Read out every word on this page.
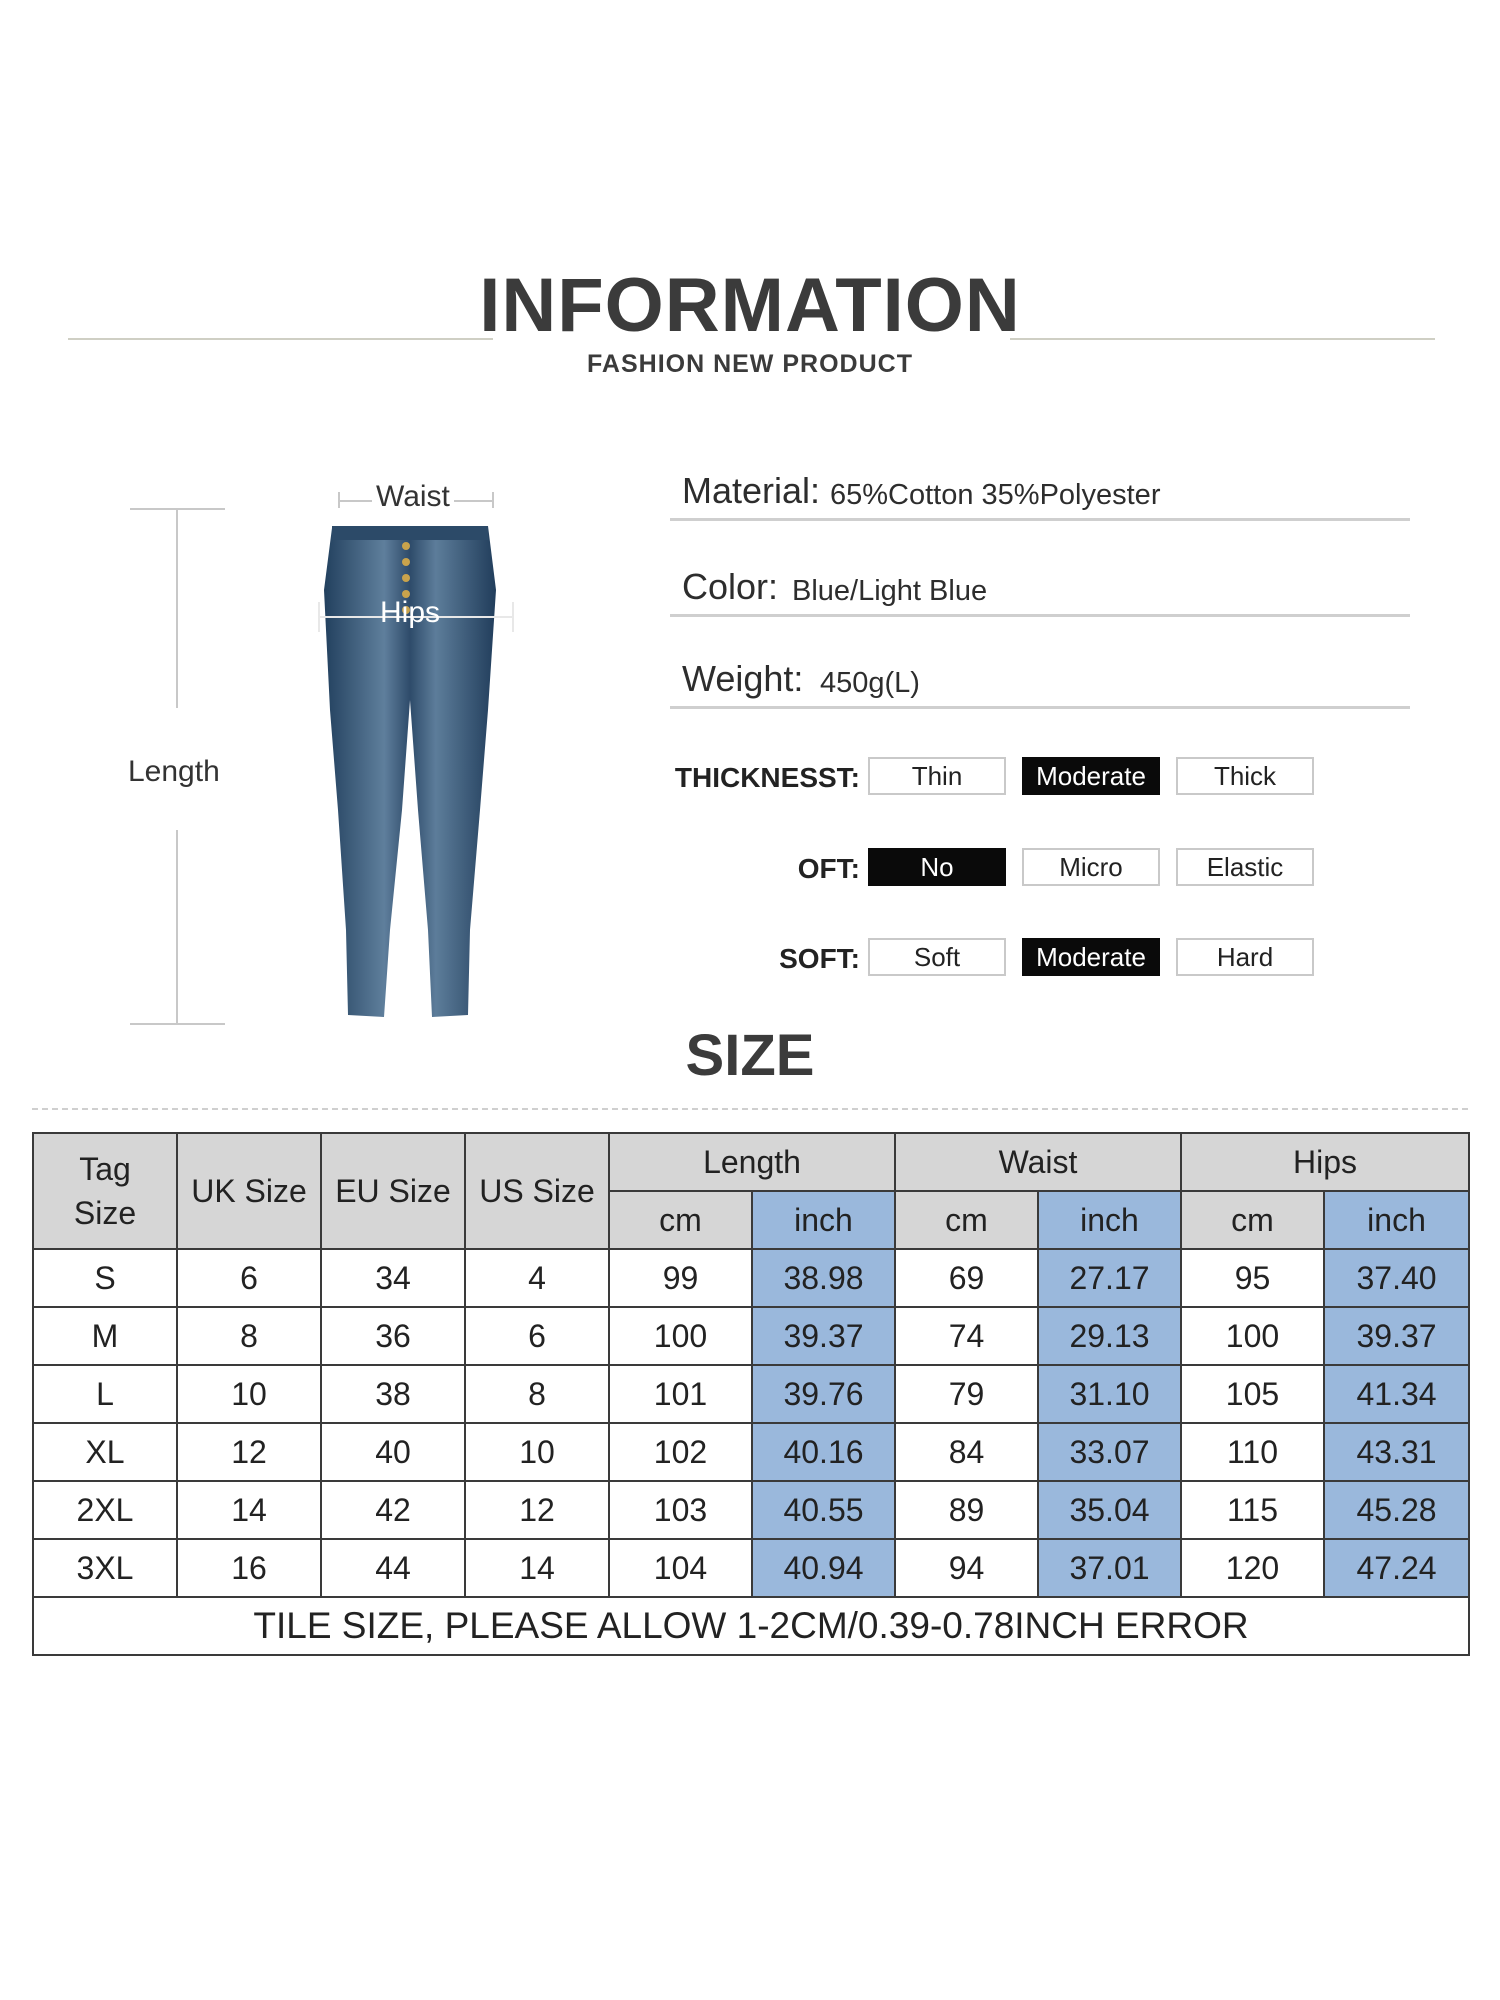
INFORMATION
FASHION NEW PRODUCT
Length
Waist
Hips
Material: 65%Cotton 35%Polyester
Color: Blue/Light Blue
Weight: 450g(L)
THICKNESST:	Thin	Moderate	Thick
OFT:	No	Micro	Elastic
SOFT:	Soft	Moderate	Hard
SIZE
Tag Size	UK Size	EU Size	US Size	Length		Waist		Hips	
				cm	inch	cm	inch	cm	inch
S	6	34	4	99	38.98	69	27.17	95	37.40
M	8	36	6	100	39.37	74	29.13	100	39.37
L	10	38	8	101	39.76	79	31.10	105	41.34
XL	12	40	10	102	40.16	84	33.07	110	43.31
2XL	14	42	12	103	40.55	89	35.04	115	45.28
3XL	16	44	14	104	40.94	94	37.01	120	47.24
TILE SIZE, PLEASE ALLOW 1-2CM/0.39-0.78INCH ERROR									
